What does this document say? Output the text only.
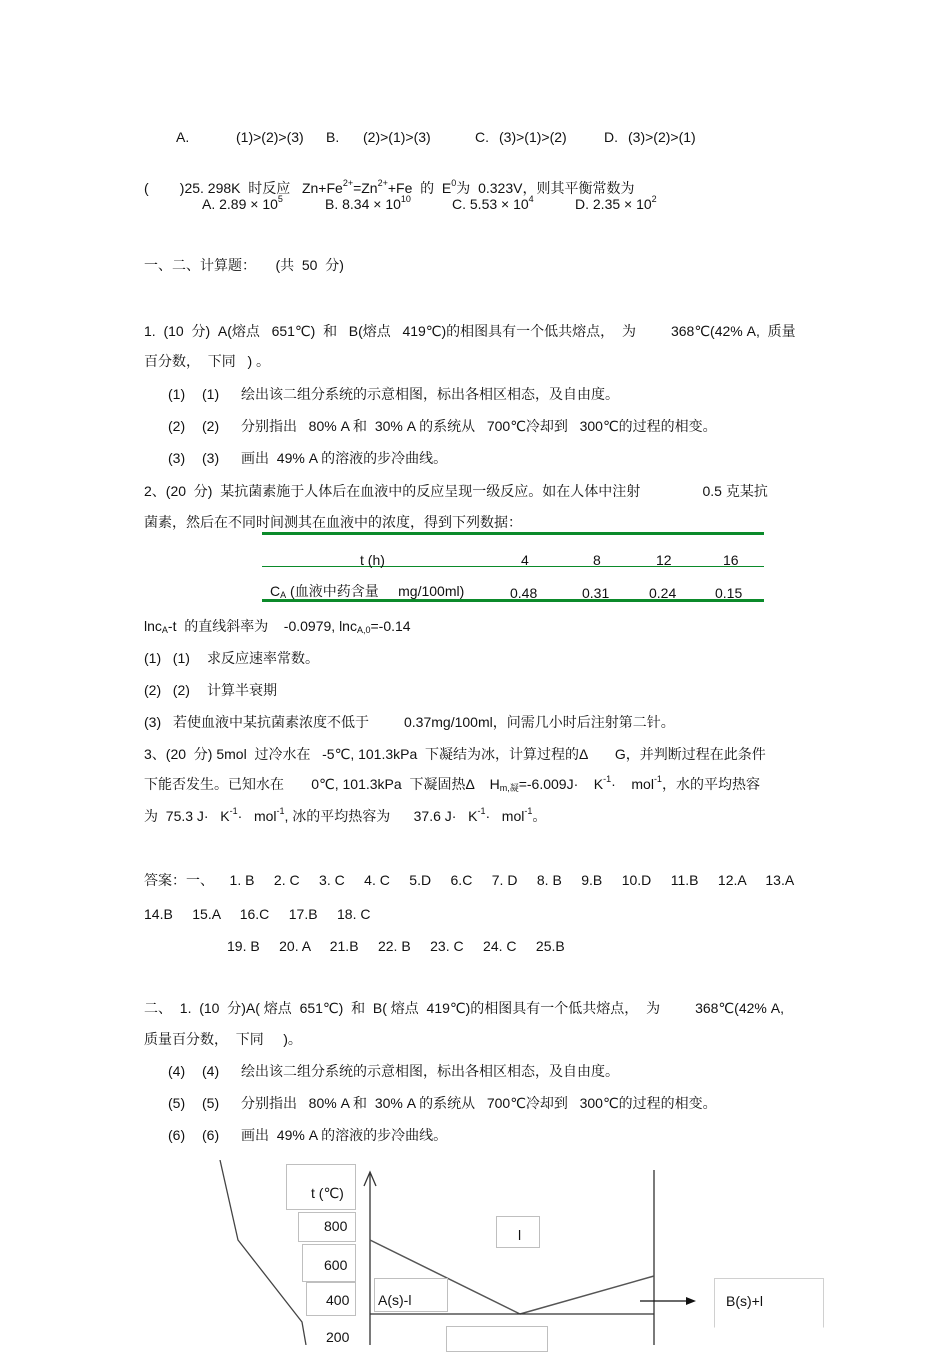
A.	(1)>(2)>(3) B. (2)>(1)>(3)	C. (3)>(1)>(2)	D. (3)>(2)>(1)

(        )25. 298K  时反应   $Zn+Fe^{2+}=Zn^{2+}+Fe$  的  $E^0$为  0.323V，则其平衡常数为

A. $2.89 \times 10^5$	B. $8.34 \times 10^{10}$	C. $5.53 \times 10^4$	D. $2.35 \times 10^2$
一、二、计算题：     (共  50  分)
1.  (10  分)  A(熔点   651℃)  和   B(熔点   419℃)的相图具有一个低共熔点，  为         368℃(42% A,  质量
百分数，  下同   ) 。
(1) (1) 绘出该二组分系统的示意相图，标出各相区相态，及自由度。
(2) (2) 分别指出   80% A 和  30% A 的系统从   700℃冷却到   300℃的过程的相变。
(3) (3) 画出  49% A 的溶液的步冷曲线。
2、(20  分)  某抗菌素施于人体后在血液中的反应呈现一级反应。如在人体中注射                0.5 克某抗
菌素，然后在不同时间测其在血液中的浓度，得到下列数据：
t (h)	4	8	12	16
$C_A$ (血液中药含量     mg/100ml)	0.48	0.31	0.24	0.15
lnc$_A$-t  的直线斜率为    -0.0979, lnc$_{A,0}$=-0.14
(1)   (1) 求反应速率常数。
(2)   (2) 计算半衰期
(3) 若使血液中某抗菌素浓度不低于         0.37mg/100ml，问需几小时后注射第二针。
3、(20  分) 5mol  过冷水在   -5℃, 101.3kPa  下凝结为冰，计算过程的Δ       G，并判断过程在此条件
下能否发生。已知水在       0℃, 101.3kPa  下凝固热Δ    $H_{m,凝}=-6.009J\cdot$    $K^{-1}\cdot$    mol$^{-1}$，水的平均热容
为  75.3 $J\cdot K^{-1}\cdot mol^{-1}$, 冰的平均热容为      37.6 $J\cdot K^{-1}\cdot mol^{-1}$。
答案：一、    1. B     2. C     3. C     4. C     5.D     6.C     7. D     8. B     9.B     10.D     11.B     12.A     13.A
14.B     15.A     16.C     17.B     18. C
19. B     20. A     21.B     22. B     23. C     24. C     25.B
二、  1.  (10  分)A( 熔点  651℃)  和  B( 熔点  419℃)的相图具有一个低共熔点，  为         368℃(42% A,
质量百分数，  下同     )。
(4) (4) 绘出该二组分系统的示意相图，标出各相区相态，及自由度。
(5) (5) 分别指出   80% A 和  30% A 的系统从   700℃冷却到   300℃的过程的相变。
(6) (6) 画出  49% A 的溶液的步冷曲线。
t (℃)
800
600
400
200
l
A(s)-l	B(s)+l
